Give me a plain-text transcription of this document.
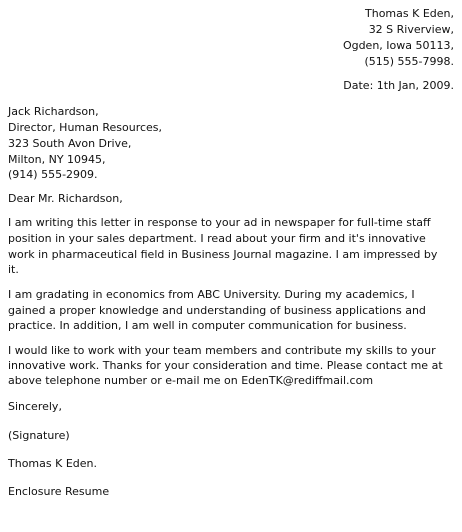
Thomas K Eden,
32 S Riverview,
Ogden, Iowa 50113,
(515) 555-7998.
Date: 1th Jan, 2009.
Jack Richardson,
Director, Human Resources,
323 South Avon Drive,
Milton, NY 10945,
(914) 555-2909.
Dear Mr. Richardson,
I am writing this letter in response to your ad in newspaper for full-time staff
position in your sales department. I read about your firm and it's innovative
work in pharmaceutical field in Business Journal magazine. I am impressed by
it.
I am gradating in economics from ABC University. During my academics, I
gained a proper knowledge and understanding of business applications and
practice. In addition, I am well in computer communication for business.
I would like to work with your team members and contribute my skills to your
innovative work. Thanks for your consideration and time. Please contact me at
above telephone number or e-mail me on EdenTK@rediffmail.com
Sincerely,
(Signature)
Thomas K Eden.
Enclosure Resume
